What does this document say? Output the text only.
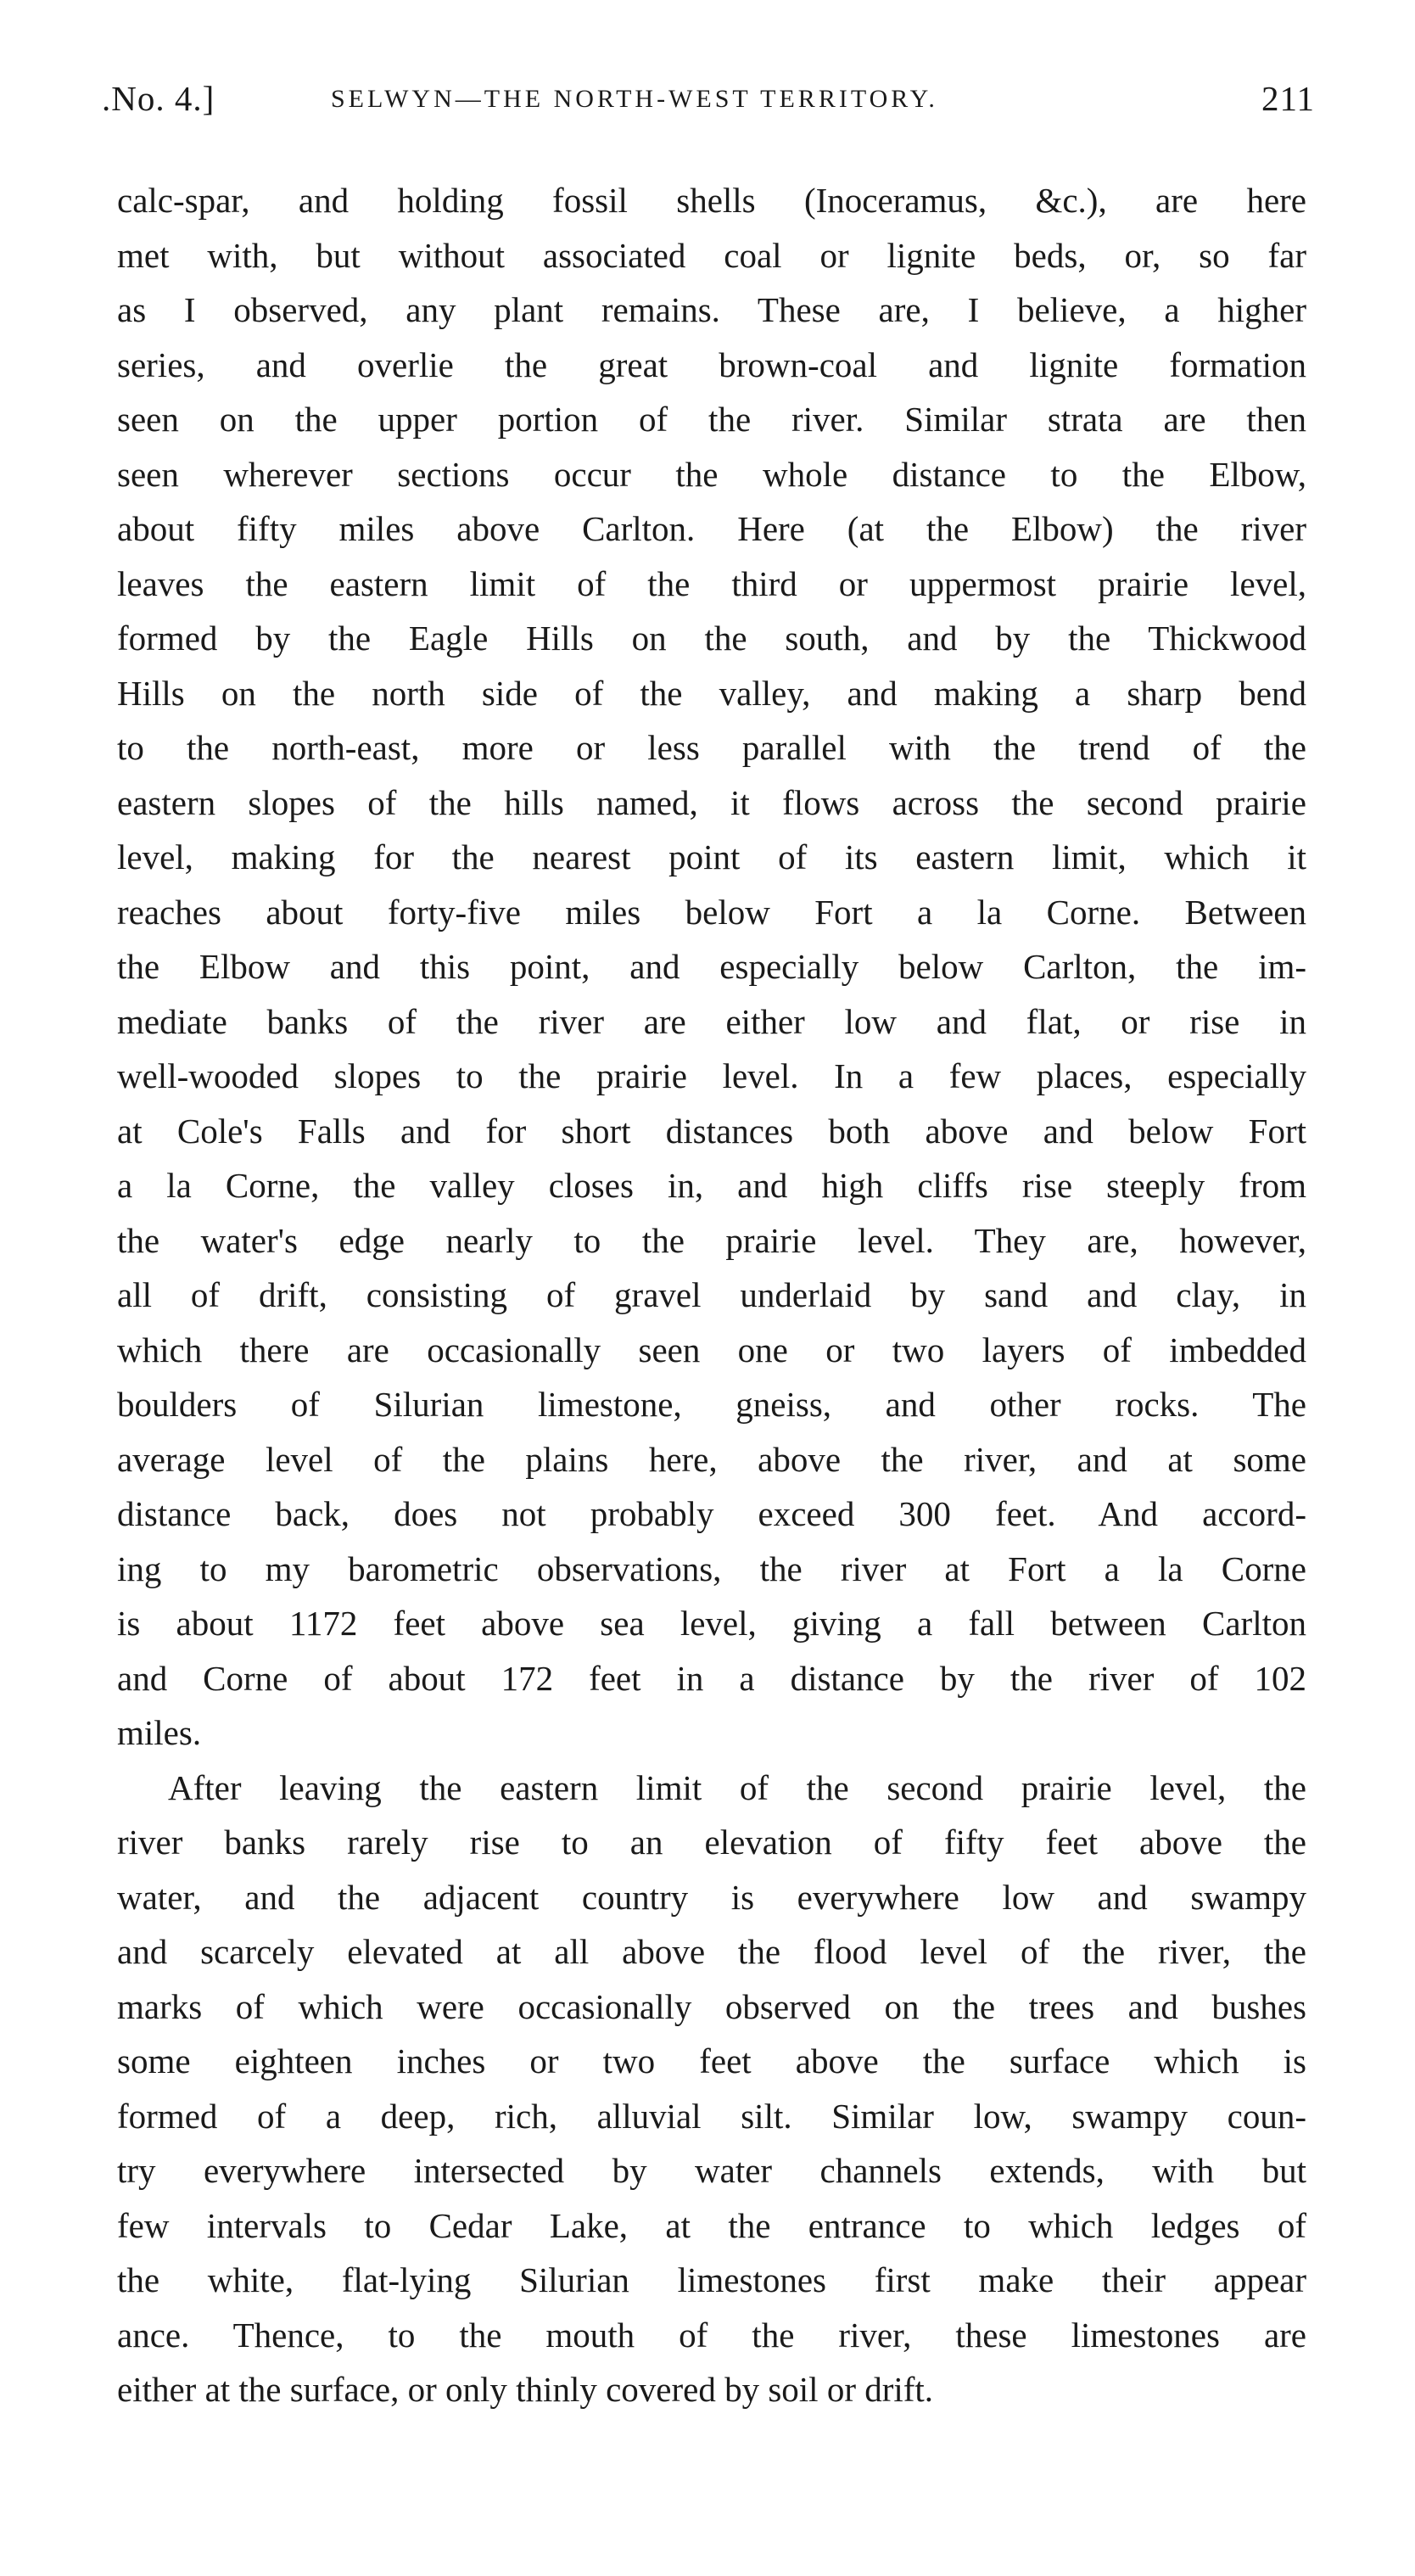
.No. 4.]	SELWYN—THE NORTH-WEST TERRITORY.	211

calc-spar, and holding fossil shells (Inoceramus, &c.), are here

met with, but without associated coal or lignite beds, or, so far

as I observed, any plant remains. These are, I believe, a higher

series, and overlie the great brown-coal and lignite formation

seen on the upper portion of the river. Similar strata are then

seen wherever sections occur the whole distance to the Elbow,

about fifty miles above Carlton. Here (at the Elbow) the river

leaves the eastern limit of the third or uppermost prairie level,

formed by the Eagle Hills on the south, and by the Thickwood

Hills on the north side of the valley, and making a sharp bend

to the north-east, more or less parallel with the trend of the

eastern slopes of the hills named, it flows across the second prairie

level, making for the nearest point of its eastern limit, which it

reaches about forty-five miles below Fort a la Corne. Between

the Elbow and this point, and especially below Carlton, the im-

mediate banks of the river are either low and flat, or rise in

well-wooded slopes to the prairie level. In a few places, especially

at Cole's Falls and for short distances both above and below Fort

a la Corne, the valley closes in, and high cliffs rise steeply from

the water's edge nearly to the prairie level. They are, however,

all of drift, consisting of gravel underlaid by sand and clay, in

which there are occasionally seen one or two layers of imbedded

boulders of Silurian limestone, gneiss, and other rocks. The

average level of the plains here, above the river, and at some

distance back, does not probably exceed 300 feet. And accord-

ing to my barometric observations, the river at Fort a la Corne

is about 1172 feet above sea level, giving a fall between Carlton

and Corne of about 172 feet in a distance by the river of 102

miles.

After leaving the eastern limit of the second prairie level, the

river banks rarely rise to an elevation of fifty feet above the

water, and the adjacent country is everywhere low and swampy

and scarcely elevated at all above the flood level of the river, the

marks of which were occasionally observed on the trees and bushes

some eighteen inches or two feet above the surface which is

formed of a deep, rich, alluvial silt. Similar low, swampy coun-

try everywhere intersected by water channels extends, with but

few intervals to Cedar Lake, at the entrance to which ledges of

the white, flat-lying Silurian limestones first make their appear

ance. Thence, to the mouth of the river, these limestones are

either at the surface, or only thinly covered by soil or drift.
